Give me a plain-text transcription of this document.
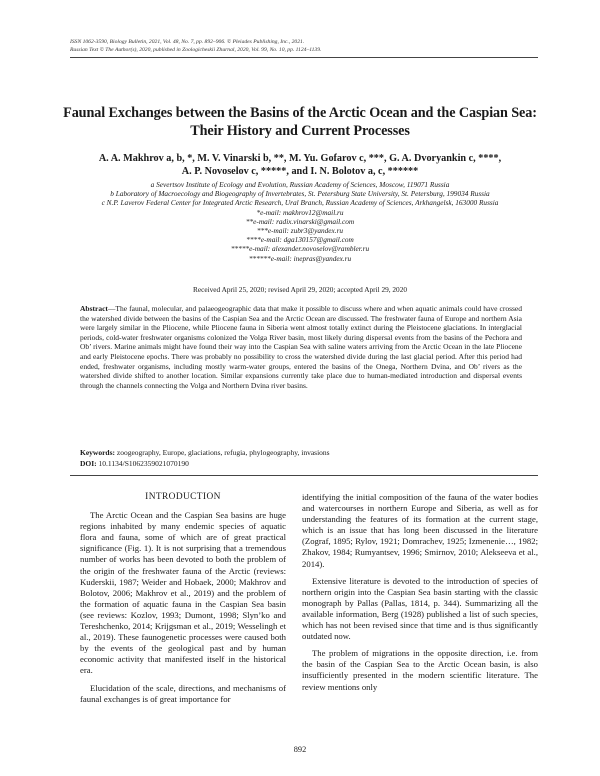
ISSN 1062-3590, Biology Bulletin, 2021, Vol. 48, No. 7, pp. 892–906. © Pleiades Publishing, Inc., 2021.
Russian Text © The Author(s), 2020, published in Zoologicheskii Zhurnal, 2020, Vol. 99, No. 10, pp. 1124–1139.
Faunal Exchanges between the Basins of the Arctic Ocean and the Caspian Sea: Their History and Current Processes
A. A. Makhrov a, b, *, M. V. Vinarski b, **, M. Yu. Gofarov c, ***, G. A. Dvoryankin c, ****,
A. P. Novoselov c, *****, and I. N. Bolotov a, c, ******
a Severtsov Institute of Ecology and Evolution, Russian Academy of Sciences, Moscow, 119071 Russia
b Laboratory of Macroecology and Biogeography of Invertebrates, St. Petersburg State University, St. Petersburg, 199034 Russia
c N.P. Laverov Federal Center for Integrated Arctic Research, Ural Branch, Russian Academy of Sciences, Arkhangelsk, 163000 Russia
*e-mail: makhrov12@mail.ru
**e-mail: radix.vinarski@gmail.com
***e-mail: zubr3@yandex.ru
****e-mail: dga130157@gmail.com
*****e-mail: alexander.novoselov@rambler.ru
******e-mail: inepras@yandex.ru
Received April 25, 2020; revised April 29, 2020; accepted April 29, 2020
Abstract—The faunal, molecular, and palaeogeographic data that make it possible to discuss where and when aquatic animals could have crossed the watershed divide between the basins of the Caspian Sea and the Arctic Ocean are discussed. The freshwater fauna of Europe and northern Asia were largely similar in the Pliocene, while Pliocene fauna in Siberia went almost totally extinct during the Pleistocene glaciations. In interglacial periods, cold-water freshwater organisms colonized the Volga River basin, most likely during dispersal events from the basins of the Pechora and Ob’ rivers. Marine animals might have found their way into the Caspian Sea with saline waters arriving from the Arctic Ocean in the late Pliocene and early Pleistocene epochs. There was probably no possibility to cross the watershed divide during the last glacial period. After this period had ended, freshwater organisms, including mostly warm-water groups, entered the basins of the Onega, Northern Dvina, and Ob’ rivers as the watershed divide shifted to another location. Similar expansions currently take place due to human-mediated introduction and dispersal events through the channels connecting the Volga and Northern Dvina river basins.
Keywords: zoogeography, Europe, glaciations, refugia, phylogeography, invasions
DOI: 10.1134/S1062359021070190
INTRODUCTION

The Arctic Ocean and the Caspian Sea basins are huge regions inhabited by many endemic species of aquatic flora and fauna, some of which are of great practical significance (Fig. 1). It is not surprising that a tremendous number of works has been devoted to both the problem of the origin of the freshwater fauna of the Arctic (reviews: Kuderskii, 1987; Weider and Hobaek, 2000; Makhrov and Bolotov, 2006; Makhrov et al., 2019) and the problem of the formation of aquatic fauna in the Caspian Sea basin (see reviews: Kozlov, 1993; Dumont, 1998; Slyn’ko and Tereshchenko, 2014; Krijgsman et al., 2019; Wesselingh et al., 2019). These faunogenetic processes were caused both by the events of the geological past and by human economic activity that manifested itself in the historical era.

Elucidation of the scale, directions, and mechanisms of faunal exchanges is of great importance for

identifying the initial composition of the fauna of the water bodies and watercourses in northern Europe and Siberia, as well as for understanding the features of its formation at the current stage, which is an issue that has long been discussed in the literature (Zograf, 1895; Rylov, 1921; Domrachev, 1925; Izmenenie…, 1982; Zhakov, 1984; Rumyantsev, 1996; Smirnov, 2010; Alekseeva et al., 2014).

Extensive literature is devoted to the introduction of species of northern origin into the Caspian Sea basin starting with the classic monograph by Pallas (Pallas, 1814, p. 344). Summarizing all the available information, Berg (1928) published a list of such species, which has not been revised since that time and is thus significantly outdated now.

The problem of migrations in the opposite direction, i.e. from the basin of the Caspian Sea to the Arctic Ocean basin, is also insufficiently presented in the modern scientific literature. The review mentions only

892
